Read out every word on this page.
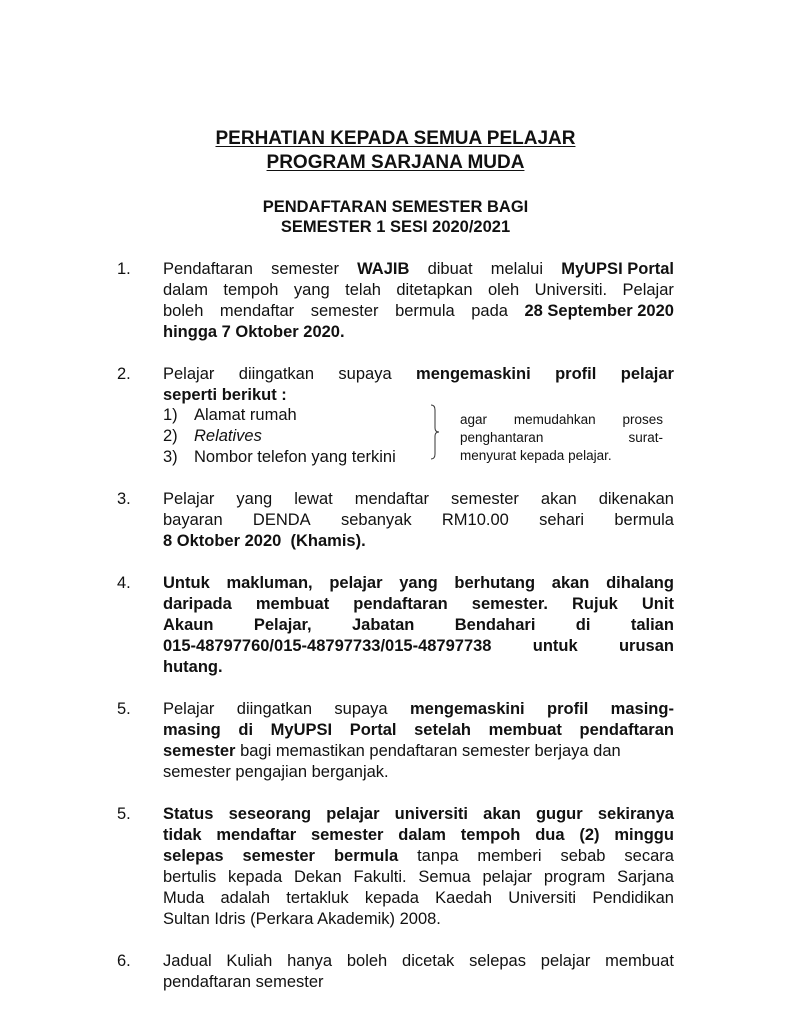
PERHATIAN KEPADA SEMUA PELAJAR
PROGRAM SARJANA MUDA
PENDAFTARAN SEMESTER BAGI
SEMESTER 1 SESI 2020/2021
1. Pendaftaran semester WAJIB dibuat melalui MyUPSI Portal
dalam tempoh yang telah ditetapkan oleh Universiti. Pelajar
boleh mendaftar semester bermula pada 28 September 2020
hingga 7 Oktober 2020.
2. Pelajar diingatkan supaya mengemaskini profil pelajar
seperti berikut :
1) Alamat rumah
2) Relatives
3) Nombor telefon yang terkini
agar memudahkan proses
penghantaran	surat-
menyurat kepada pelajar.
3. Pelajar yang lewat mendaftar semester akan dikenakan
bayaran DENDA sebanyak RM10.00 sehari bermula
8 Oktober 2020  (Khamis).
4. Untuk makluman, pelajar yang berhutang akan dihalang
daripada membuat pendaftaran semester. Rujuk Unit
Akaun Pelajar, Jabatan Bendahari di talian
015-48797760/015-48797733/015-48797738	untuk	urusan
hutang.
5. Pelajar diingatkan supaya mengemaskini profil masing-
masing di MyUPSI Portal setelah membuat pendaftaran
semester bagi memastikan pendaftaran semester berjaya dan
semester pengajian berganjak.
5. Status seseorang pelajar universiti akan gugur sekiranya
tidak mendaftar semester dalam tempoh dua (2) minggu
selepas semester bermula tanpa memberi sebab secara
bertulis kepada Dekan Fakulti. Semua pelajar program Sarjana
Muda adalah tertakluk kepada Kaedah Universiti Pendidikan
Sultan Idris (Perkara Akademik) 2008.
6. Jadual Kuliah hanya boleh dicetak selepas pelajar membuat
pendaftaran semester
